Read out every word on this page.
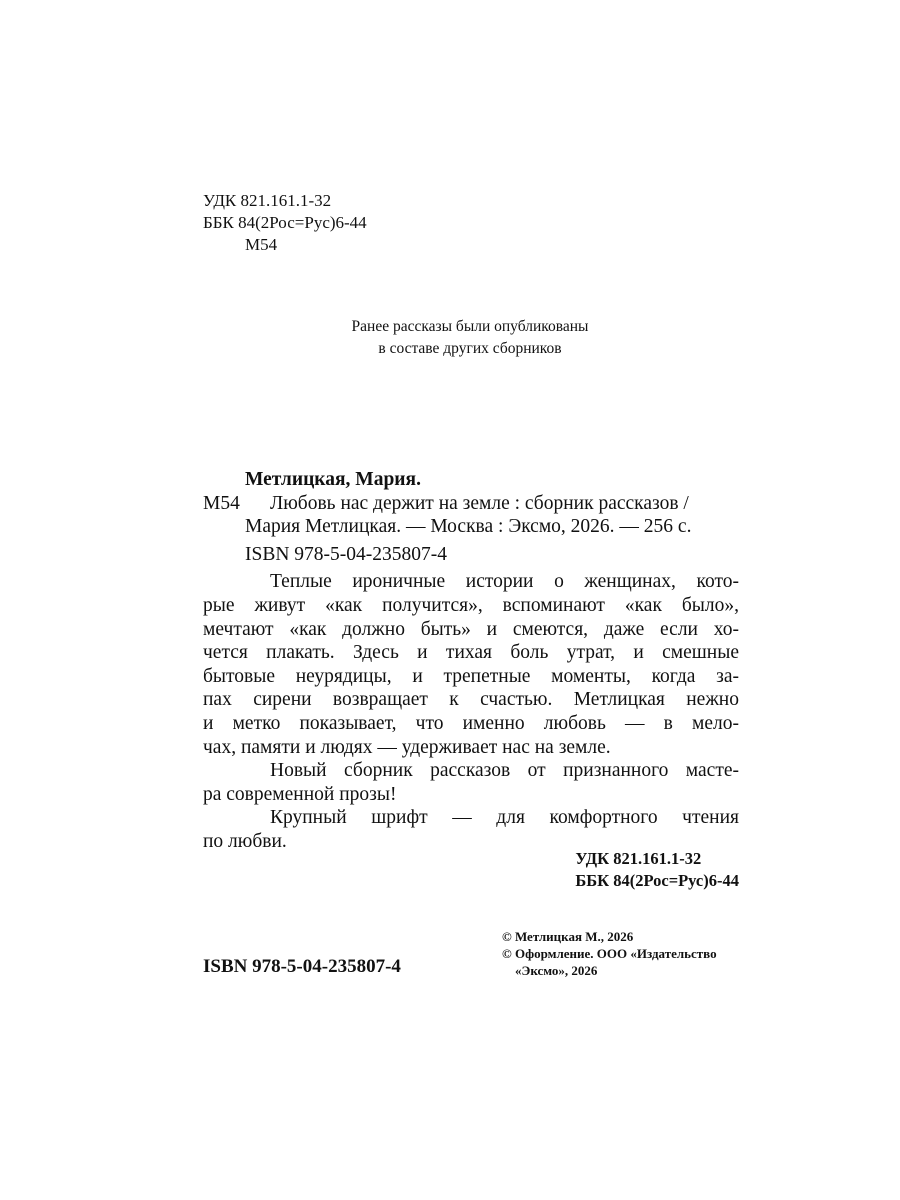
УДК 821.161.1-32
ББК 84(2Рос=Рус)6-44
М54
Ранее рассказы были опубликованы
в составе других сборников
Метлицкая, Мария.
М54 Любовь нас держит на земле : сборник рассказов /
Мария Метлицкая. — Москва : Эксмо, 2026. — 256 с.
ISBN 978-5-04-235807-4
Теплые ироничные истории о женщинах, кото-
рые живут «как получится», вспоминают «как было»,
мечтают «как должно быть» и смеются, даже если хо-
чется плакать. Здесь и тихая боль утрат, и смешные
бытовые неурядицы, и трепетные моменты, когда за-
пах сирени возвращает к счастью. Метлицкая нежно
и метко показывает, что именно любовь — в мело-
чах, памяти и людях — удерживает нас на земле.
Новый сборник рассказов от признанного масте-
ра современной прозы!
Крупный шрифт — для комфортного чтения
по любви.
УДК 821.161.1-32
ББК 84(2Рос=Рус)6-44
© Метлицкая М., 2026
© Оформление. ООО «Издательство
«Эксмо», 2026
ISBN 978-5-04-235807-4
